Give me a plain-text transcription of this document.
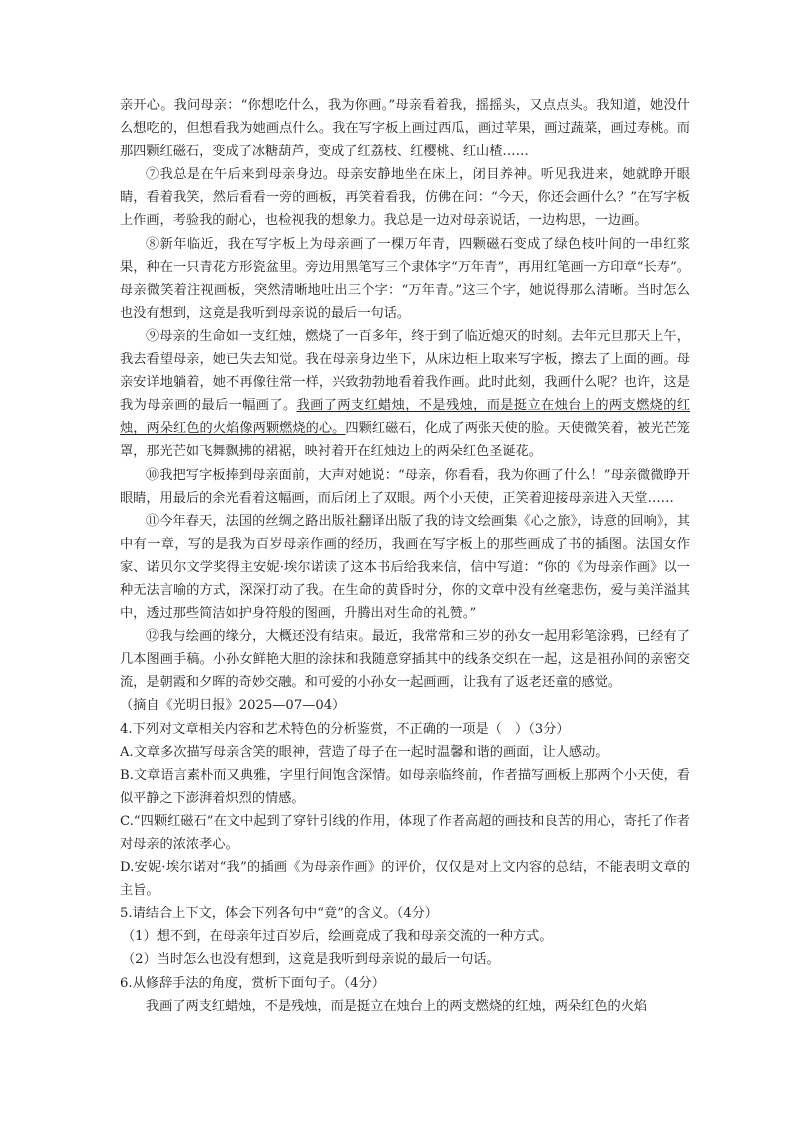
亲开心。我问母亲：“你想吃什么，我为你画。”母亲看着我，摇摇头，又点点头。我知道，她没什么想吃的，但想看我为她画点什么。我在写字板上画过西瓜，画过苹果，画过蔬菜，画过寿桃。而那四颗红磁石，变成了冰糖葫芦，变成了红荔枝、红樱桃、红山楂……

⑦我总是在午后来到母亲身边。母亲安静地坐在床上，闭目养神。听见我进来，她就睁开眼睛，看着我笑，然后看看一旁的画板，再笑着看我，仿佛在问：“今天，你还会画什么？”在写字板上作画，考验我的耐心，也检视我的想象力。我总是一边对母亲说话，一边构思，一边画。

⑧新年临近，我在写字板上为母亲画了一棵万年青，四颗磁石变成了绿色枝叶间的一串红浆果，种在一只青花方形瓷盆里。旁边用黑笔写三个隶体字“万年青”，再用红笔画一方印章“长寿”。母亲微笑着注视画板，突然清晰地吐出三个字：“万年青。”这三个字，她说得那么清晰。当时怎么也没有想到，这竟是我听到母亲说的最后一句话。

⑨母亲的生命如一支红烛，燃烧了一百多年，终于到了临近熄灭的时刻。去年元旦那天上午，我去看望母亲，她已失去知觉。我在母亲身边坐下，从床边柜上取来写字板，擦去了上面的画。母亲安详地躺着，她不再像往常一样，兴致勃勃地看着我作画。此时此刻，我画什么呢？也许，这是我为母亲画的最后一幅画了。我画了两支红蜡烛，不是残烛，而是挺立在烛台上的两支燃烧的红烛，两朵红色的火焰像两颗燃烧的心。四颗红磁石，化成了两张天使的脸。天使微笑着，被光芒笼罩，那光芒如飞舞飘拂的裙裾，映衬着开在红烛边上的两朵红色圣诞花。

⑩我把写字板捧到母亲面前，大声对她说：“母亲，你看看，我为你画了什么！”母亲微微睁开眼睛，用最后的余光看着这幅画，而后闭上了双眼。两个小天使，正笑着迎接母亲进入天堂……

⑪今年春天，法国的丝绸之路出版社翻译出版了我的诗文绘画集《心之旅》，诗意的回响》，其中有一章，写的是我为百岁母亲作画的经历，我画在写字板上的那些画成了书的插图。法国女作家、诺贝尔文学奖得主安妮·埃尔诺读了这本书后给我来信，信中写道：“你的《为母亲作画》以一种无法言喻的方式，深深打动了我。在生命的黄昏时分，你的文章中没有丝毫悲伤，爱与美洋溢其中，透过那些简洁如护身符般的图画，升腾出对生命的礼赞。”

⑫我与绘画的缘分，大概还没有结束。最近，我常常和三岁的孙女一起用彩笔涂鸦，已经有了几本图画手稿。小孙女鲜艳大胆的涂抹和我随意穿插其中的线条交织在一起，这是祖孙间的亲密交流，是朝霞和夕晖的奇妙交融。和可爱的小孙女一起画画，让我有了返老还童的感觉。

（摘自《光明日报》2025—07—04）

4.下列对文章相关内容和艺术特色的分析鉴赏，不正确的一项是（　）（3分）

A.文章多次描写母亲含笑的眼神，营造了母子在一起时温馨和谐的画面，让人感动。

B.文章语言素朴而又典雅，字里行间饱含深情。如母亲临终前，作者描写画板上那两个小天使，看似平静之下澎湃着炽烈的情感。

C.“四颗红磁石”在文中起到了穿针引线的作用，体现了作者高超的画技和良苦的用心，寄托了作者对母亲的浓浓孝心。

D.安妮·埃尔诺对“我”的插画《为母亲作画》的评价，仅仅是对上文内容的总结，不能表明文章的主旨。

5.请结合上下文，体会下列各句中“竟”的含义。（4分）

（1）想不到，在母亲年过百岁后，绘画竟成了我和母亲交流的一种方式。

（2）当时怎么也没有想到，这竟是我听到母亲说的最后一句话。

6.从修辞手法的角度，赏析下面句子。（4分）

我画了两支红蜡烛，不是残烛，而是挺立在烛台上的两支燃烧的红烛，两朵红色的火焰
